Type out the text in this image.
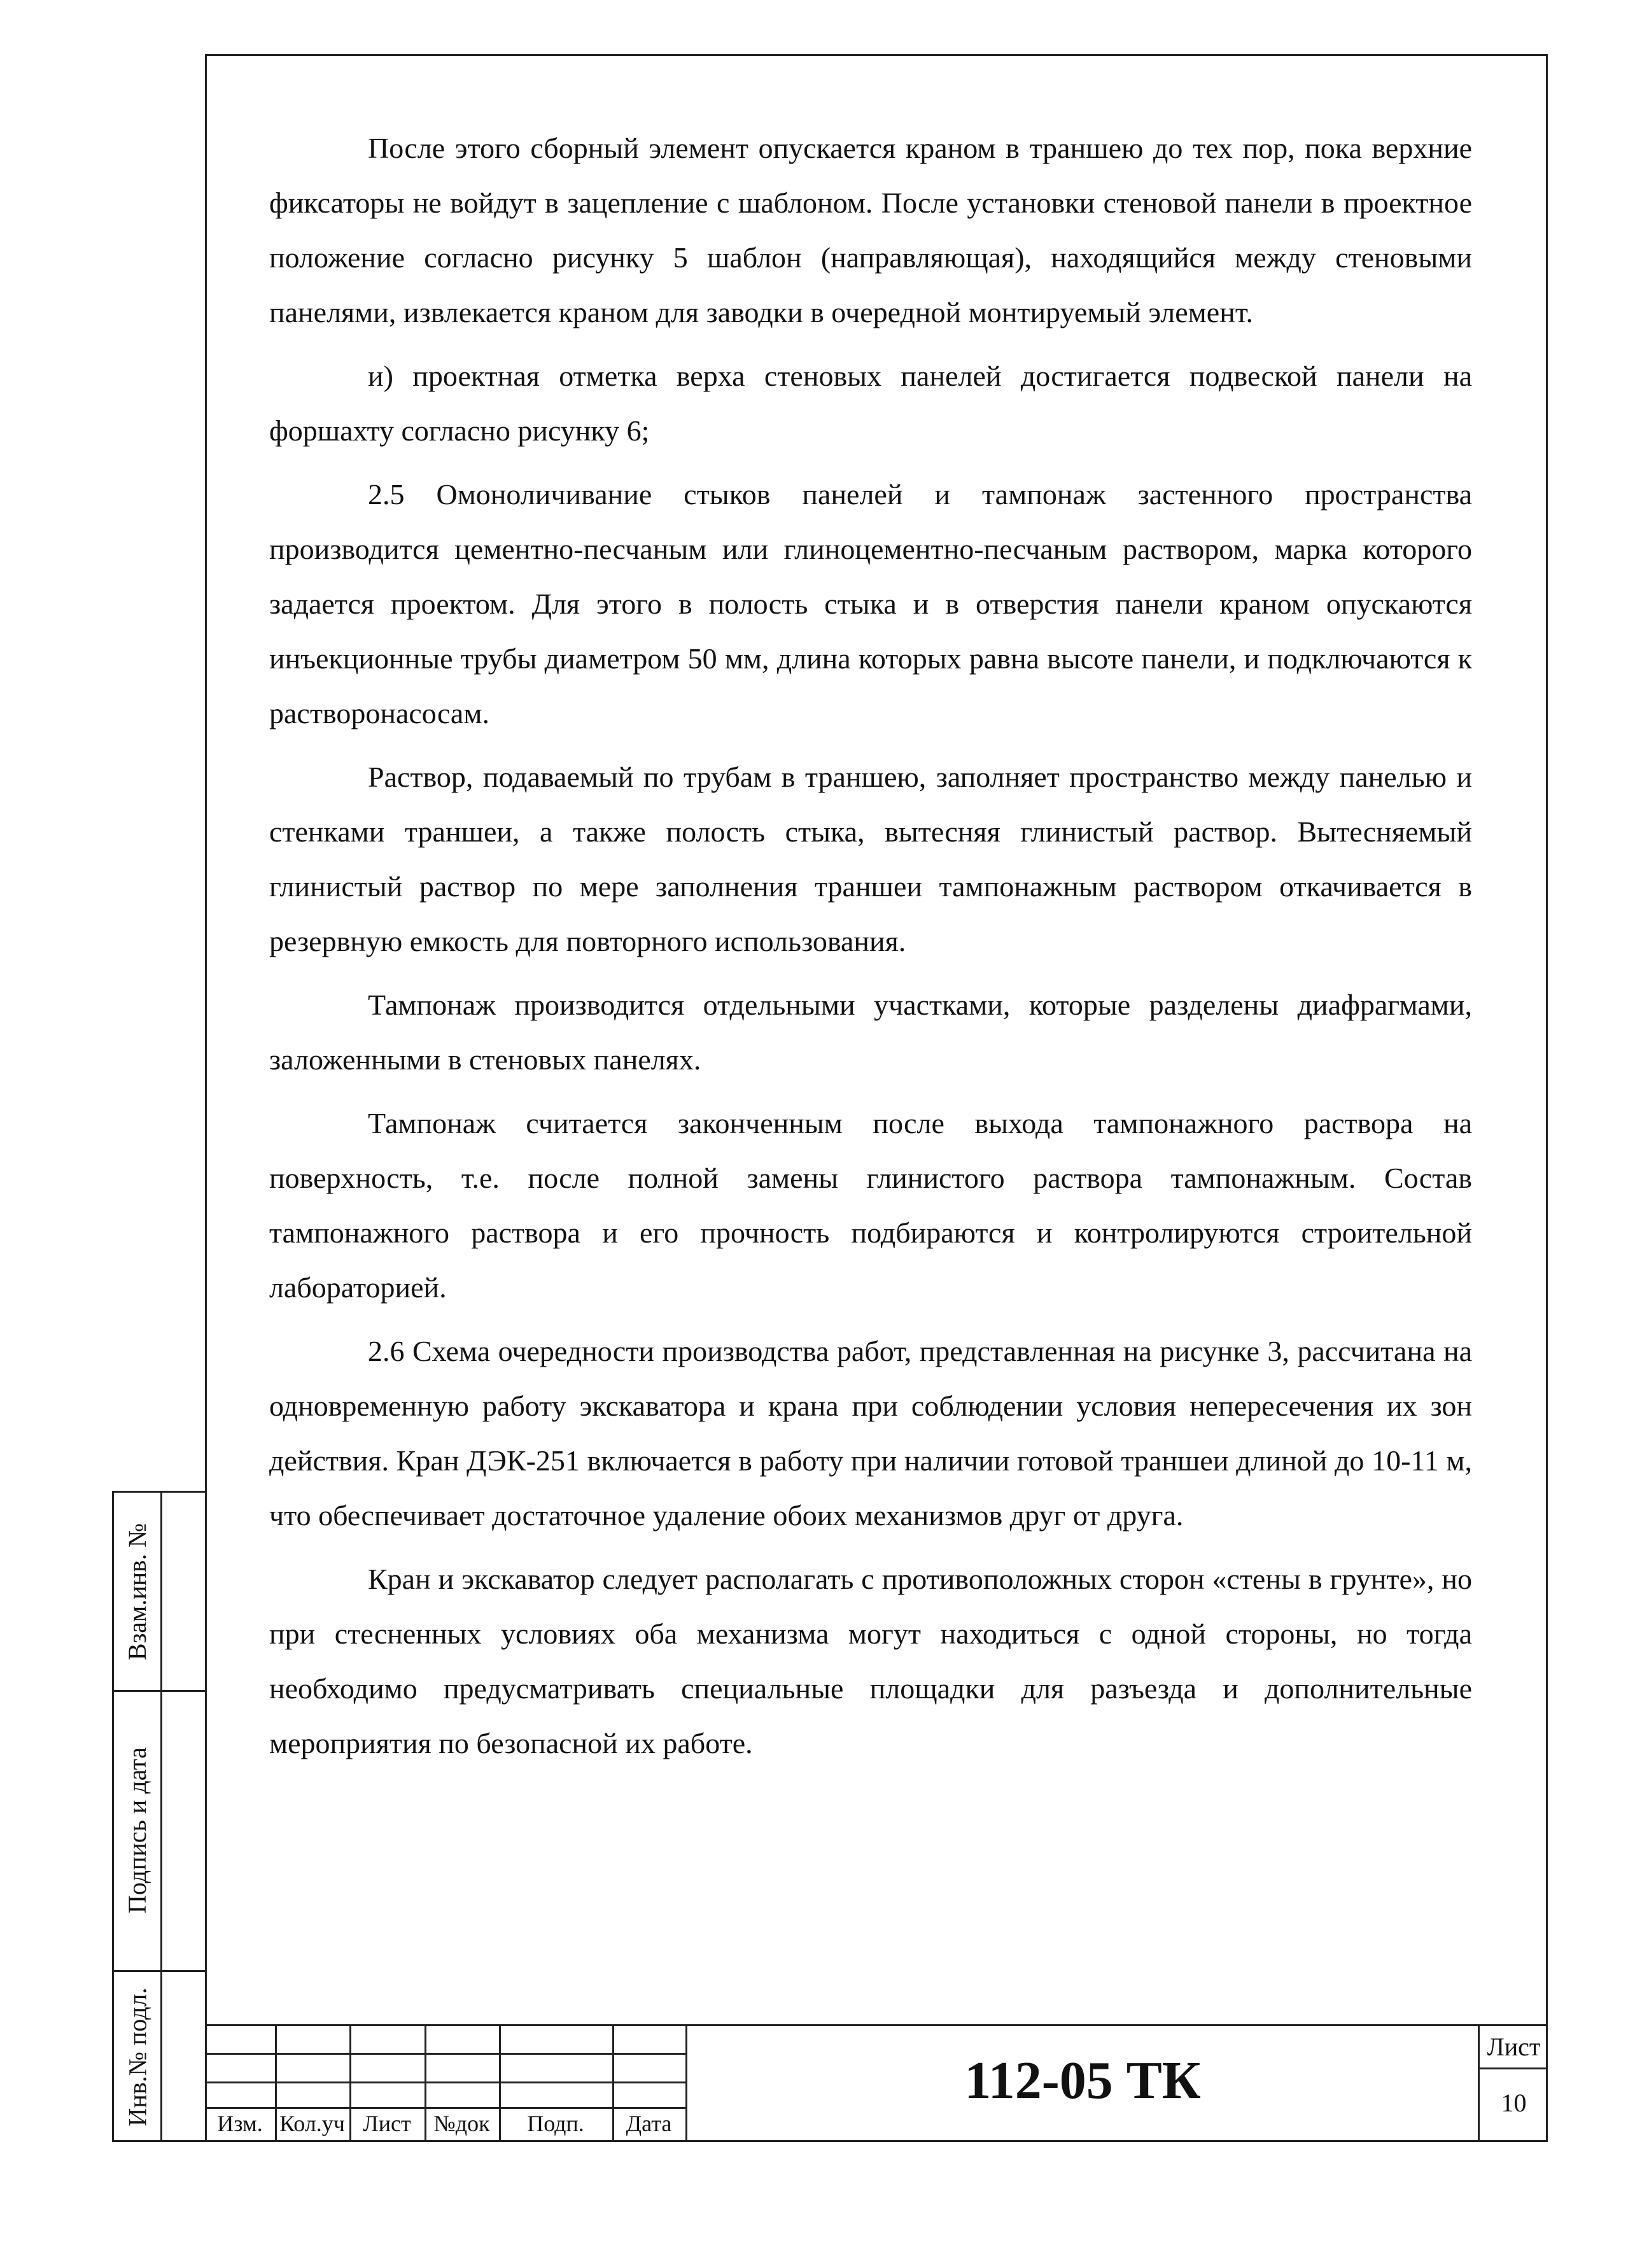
После этого сборный элемент опускается краном в траншею до тех пор, пока верхние фиксаторы не войдут в зацепление с шаблоном. После установки стеновой панели в проектное положение согласно рисунку 5 шаблон (направляющая), находящийся между стеновыми панелями, извлекается краном для заводки в очередной монтируемый элемент.

и) проектная отметка верха стеновых панелей достигается подвеской панели на форшахту согласно рисунку 6;

2.5 Омоноличивание стыков панелей и тампонаж застенного пространства производится цементно-песчаным или глиноцементно-песчаным раствором, марка которого задается проектом. Для этого в полость стыка и в отверстия панели краном опускаются инъекционные трубы диаметром 50 мм, длина которых равна высоте панели, и подключаются к растворонасосам.

Раствор, подаваемый по трубам в траншею, заполняет пространство между панелью и стенками траншеи, а также полость стыка, вытесняя глинистый раствор. Вытесняемый глинистый раствор по мере заполнения траншеи тампонажным раствором откачивается в резервную емкость для повторного использования.

Тампонаж производится отдельными участками, которые разделены диафрагмами, заложенными в стеновых панелях.

Тампонаж считается законченным после выхода тампонажного раствора на поверхность, т.е. после полной замены глинистого раствора тампонажным. Состав тампонажного раствора и его прочность подбираются и контролируются строительной лабораторией.

2.6 Схема очередности производства работ, представленная на рисунке 3, рассчитана на одновременную работу экскаватора и крана при соблюдении условия непересечения их зон действия. Кран ДЭК-251 включается в работу при наличии готовой траншеи длиной до 10-11 м, что обеспечивает достаточное удаление обоих механизмов друг от друга.

Кран и экскаватор следует располагать с противоположных сторон «стены в грунте», но при стесненных условиях оба механизма могут находиться с одной стороны, но тогда необходимо предусматривать специальные площадки для разъезда и дополнительные мероприятия по безопасной их работе.

Взам.инв. №
Подпись и дата
Инв.№ подл.	Изм. Кол.уч Лист №док	Подп.	Дата
112-05 ТК
Лист
10
